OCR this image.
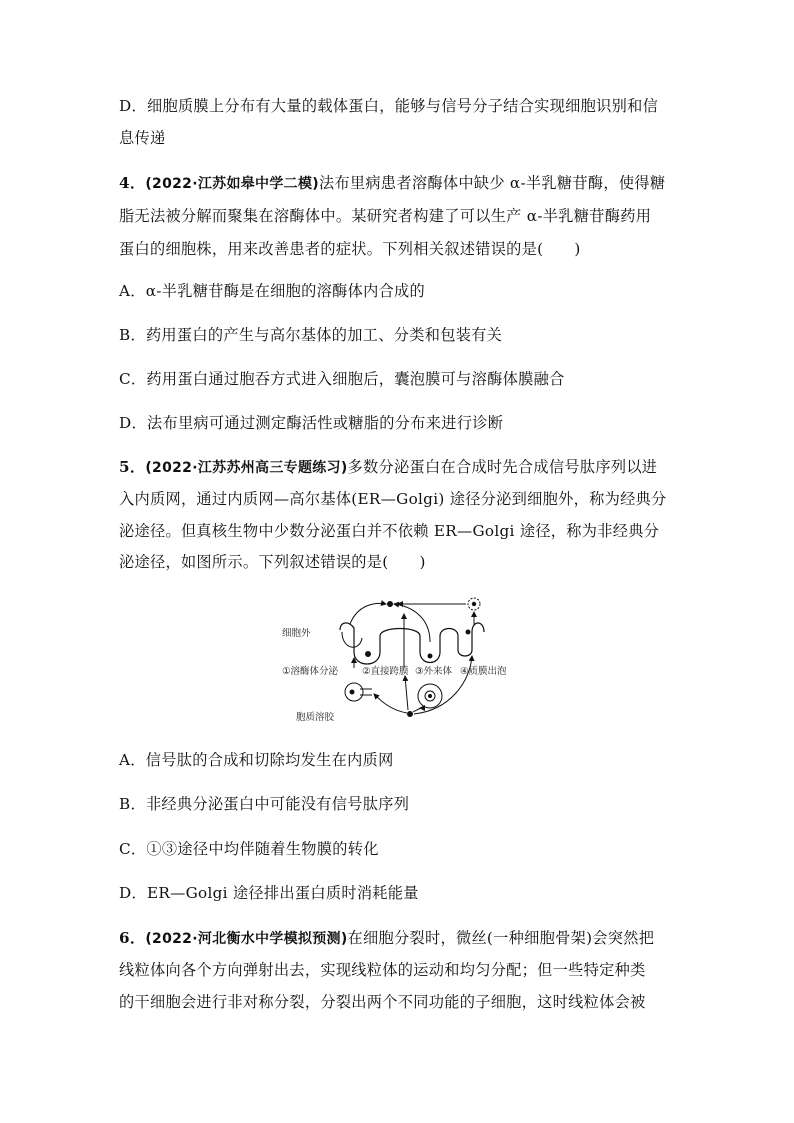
D．细胞质膜上分布有大量的载体蛋白，能够与信号分子结合实现细胞识别和信
息传递
4．(2022·江苏如皋中学二模)法布里病患者溶酶体中缺少 α-半乳糖苷酶，使得糖
脂无法被分解而聚集在溶酶体中。某研究者构建了可以生产 α-半乳糖苷酶药用
蛋白的细胞株，用来改善患者的症状。下列相关叙述错误的是(　　)
A．α-半乳糖苷酶是在细胞的溶酶体内合成的
B．药用蛋白的产生与高尔基体的加工、分类和包装有关
C．药用蛋白通过胞吞方式进入细胞后，囊泡膜可与溶酶体膜融合
D．法布里病可通过测定酶活性或糖脂的分布来进行诊断
5．(2022·江苏苏州高三专题练习)多数分泌蛋白在合成时先合成信号肽序列以进
入内质网，通过内质网—高尔基体(ER—Golgi) 途径分泌到细胞外，称为经典分
泌途径。但真核生物中少数分泌蛋白并不依赖 ER—Golgi 途径，称为非经典分
泌途径，如图所示。下列叙述错误的是(　　)
细胞外
胞质溶胶
①溶酶体分泌	②直接跨膜 ③外来体 ④质膜出泡
A．信号肽的合成和切除均发生在内质网
B．非经典分泌蛋白中可能没有信号肽序列
C．①③途径中均伴随着生物膜的转化
D．ER—Golgi 途径排出蛋白质时消耗能量
6．(2022·河北衡水中学模拟预测)在细胞分裂时，微丝(一种细胞骨架)会突然把
线粒体向各个方向弹射出去，实现线粒体的运动和均匀分配；但一些特定种类
的干细胞会进行非对称分裂，分裂出两个不同功能的子细胞，这时线粒体会被
